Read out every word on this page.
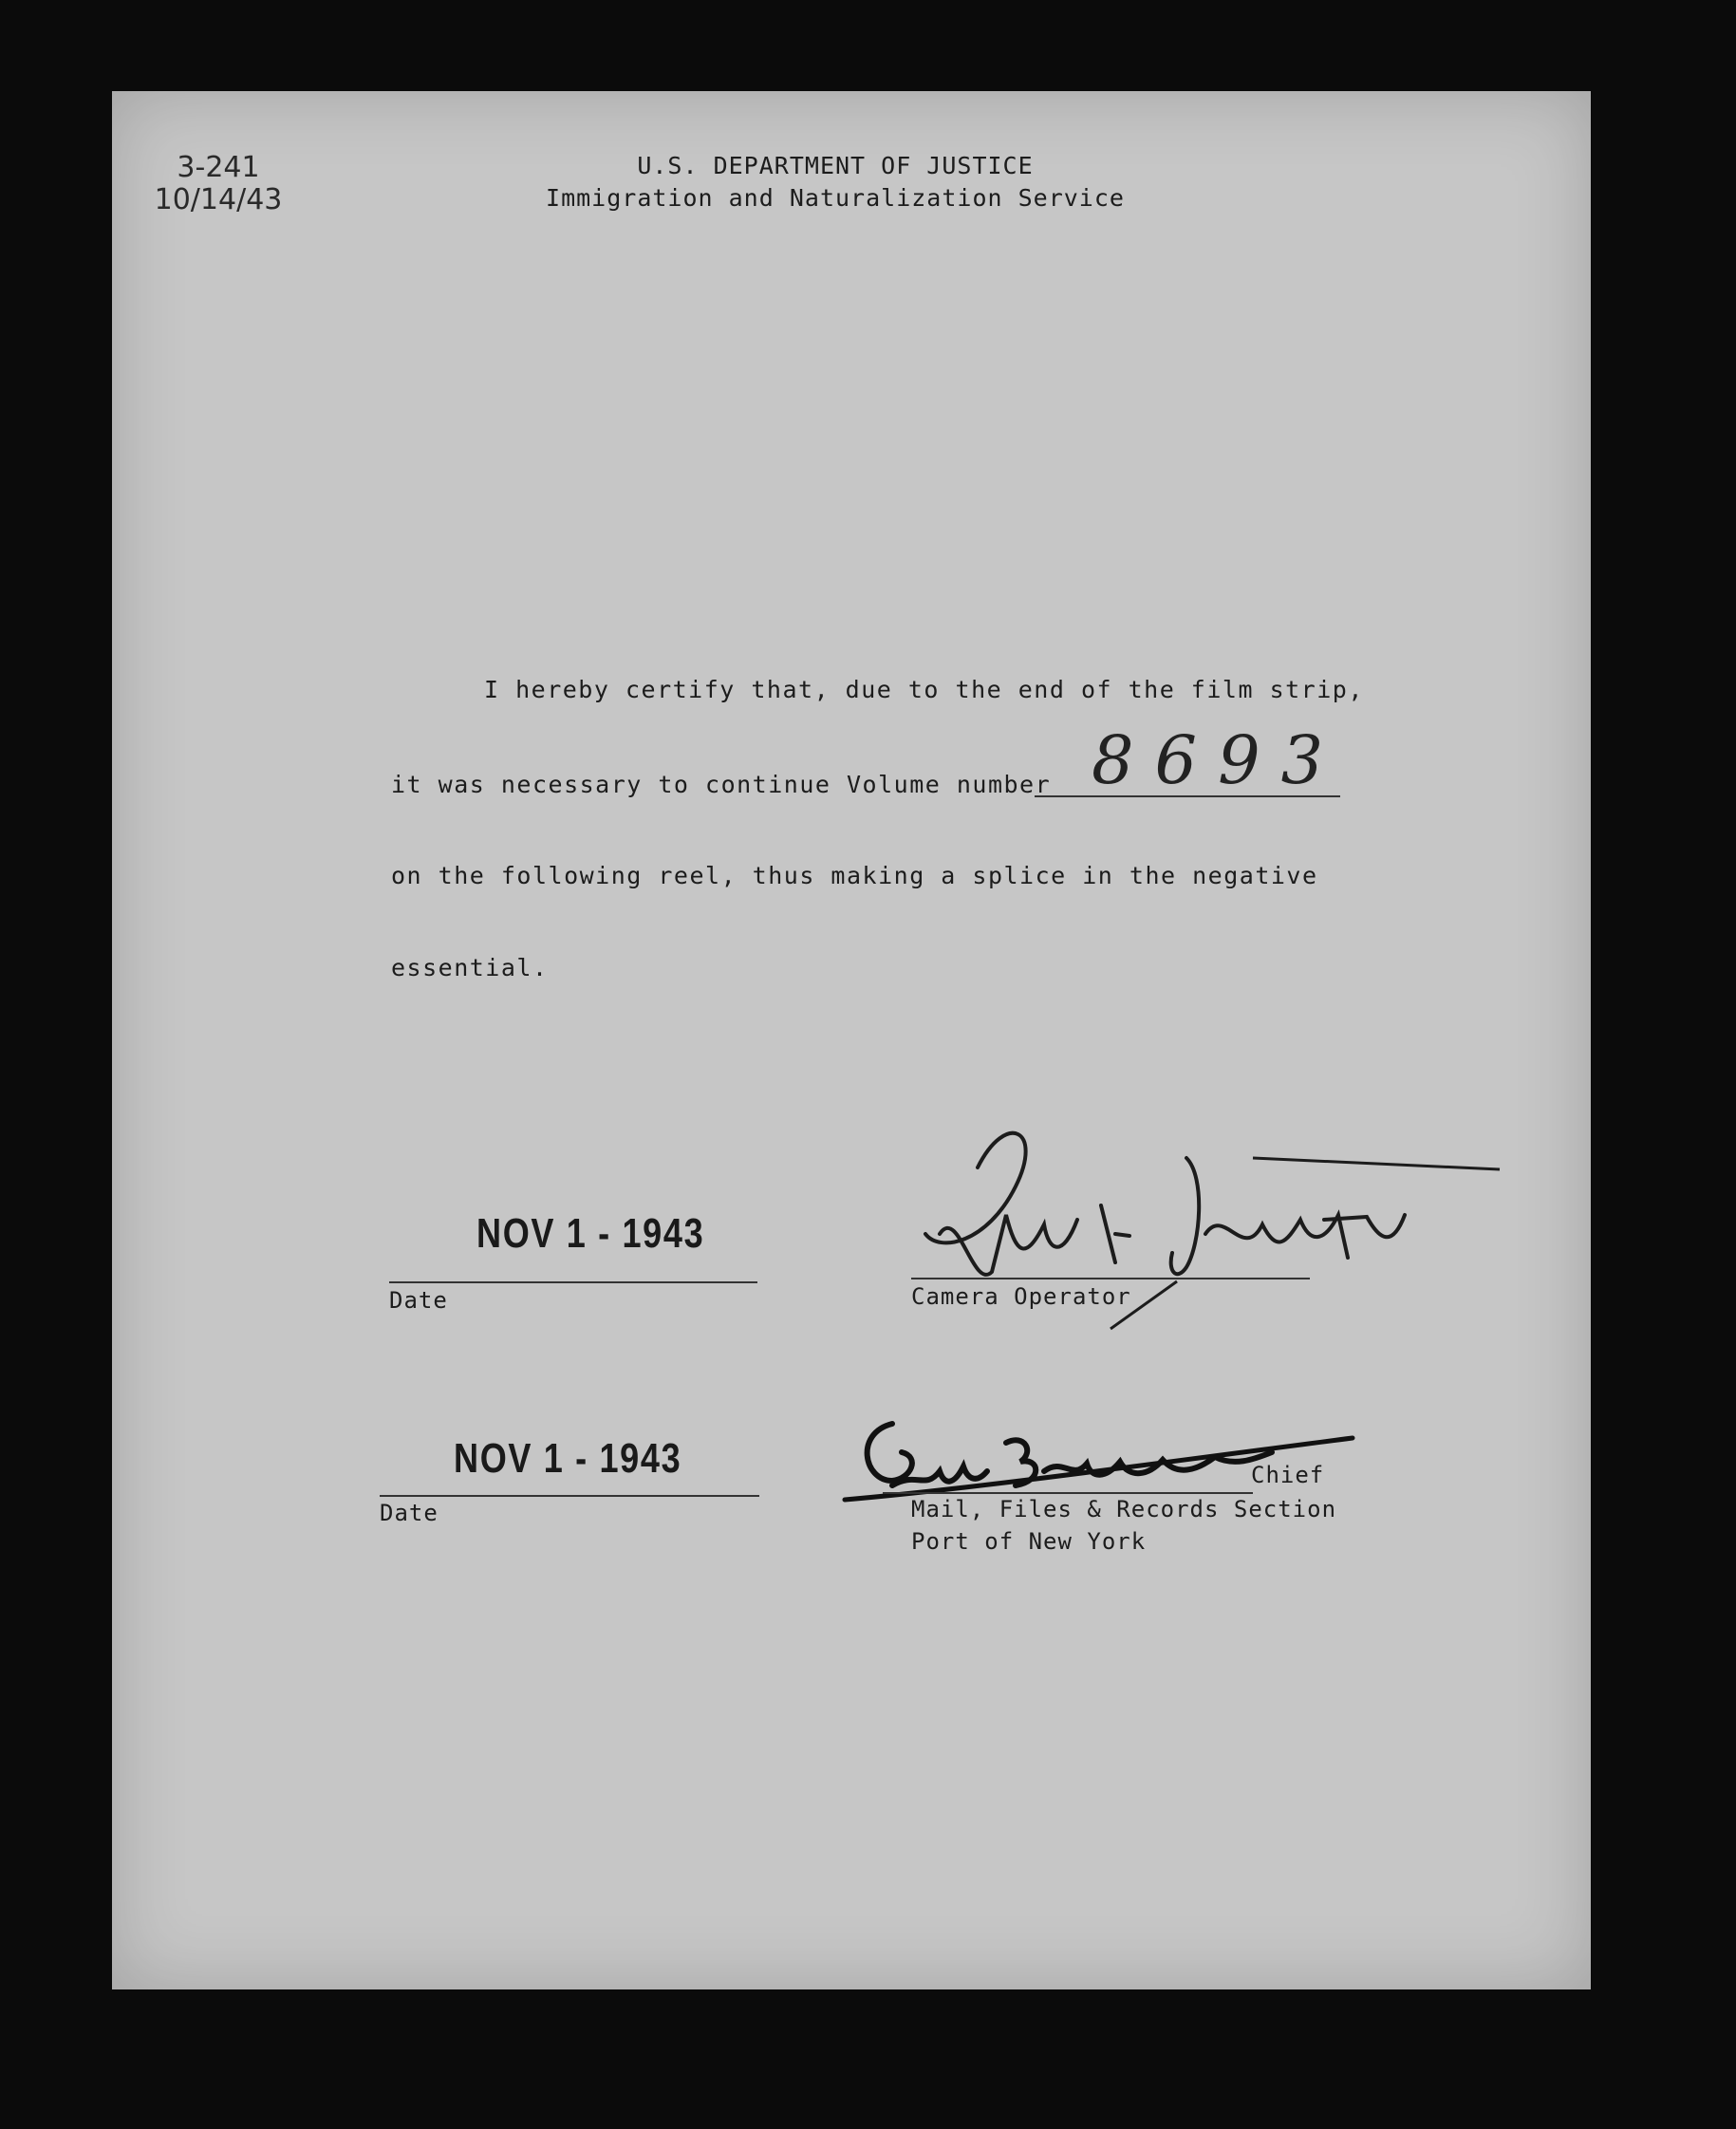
3-241
10/14/43
U.S. DEPARTMENT OF JUSTICE
Immigration and Naturalization Service
I hereby certify that, due to the end of the film strip,
it was necessary to continue Volume number 8693
on the following reel, thus making a splice in the negative
essential.
NOV 1 - 1943
Date	Camera Operator
NOV 1 - 1943
Date
Chief
Mail, Files & Records Section
Port of New York
